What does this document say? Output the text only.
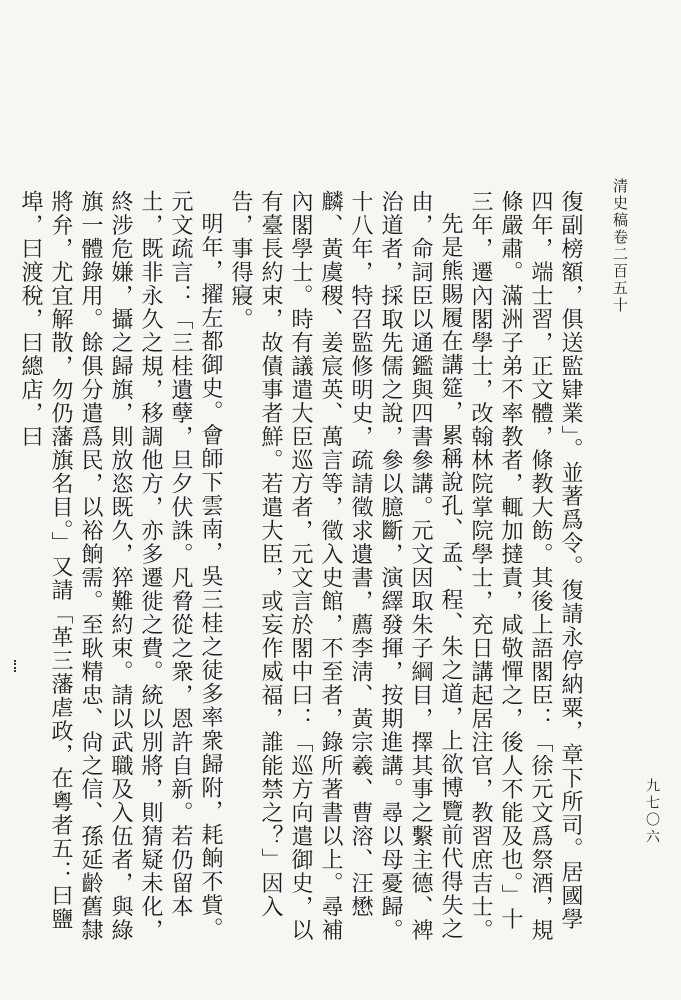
清史稿卷二百五十
九七〇六

復副榜額，俱送監肄業」。並著爲令。復請永停納粟，章下所司。居國學四年，端士習，正文體，條教大飭。其後上語閣臣：「徐元文爲祭酒，規條嚴肅。滿洲子弟不率教者，輒加撻責，咸敬憚之，後人不能及也。」十三年，遷內閣學士，改翰林院掌院學士，充日講起居注官，教習庶吉士。

先是熊賜履在講筵，累稱說孔、孟、程、朱之道，上欲博覽前代得失之由，命詞臣以通鑑與四書參講。元文因取朱子綱目，擇其事之繫主德、裨治道者，採取先儒之說，參以臆斷，演繹發揮，按期進講。尋以母憂歸。十八年，特召監修明史，疏請徵求遺書，薦李淸、黃宗羲、曹溶、汪懋麟、黃虞稷、姜宸英、萬言等，徵入史館，不至者，錄所著書以上。尋補內閣學士。時有議遣大臣巡方者，元文言於閣中曰：「巡方向遣御史，以有臺長約束，故債事者鮮。若遣大臣，或妄作威福，誰能禁之？」因入告，事得寢。

明年，擢左都御史。會師下雲南，吳三桂之徒多率衆歸附，耗餉不貲。元文疏言：「三桂遺孽，旦夕伏誅。凡脅從之衆，恩許自新。若仍留本土，既非永久之規，移調他方，亦多遷徙之費。統以別將，則猜疑未化，終涉危嫌，攝之歸旗，則放恣既久，猝難約束。請以武職及入伍者，與綠旗一體錄用。餘俱分遣爲民，以裕餉需。至耿精忠、尙之信、孫延齡舊隸將弁，尤宜解散，勿仍藩旗名目。」又請「革三藩虐政，在粵者五：曰鹽埠，曰渡稅，曰總店，曰
